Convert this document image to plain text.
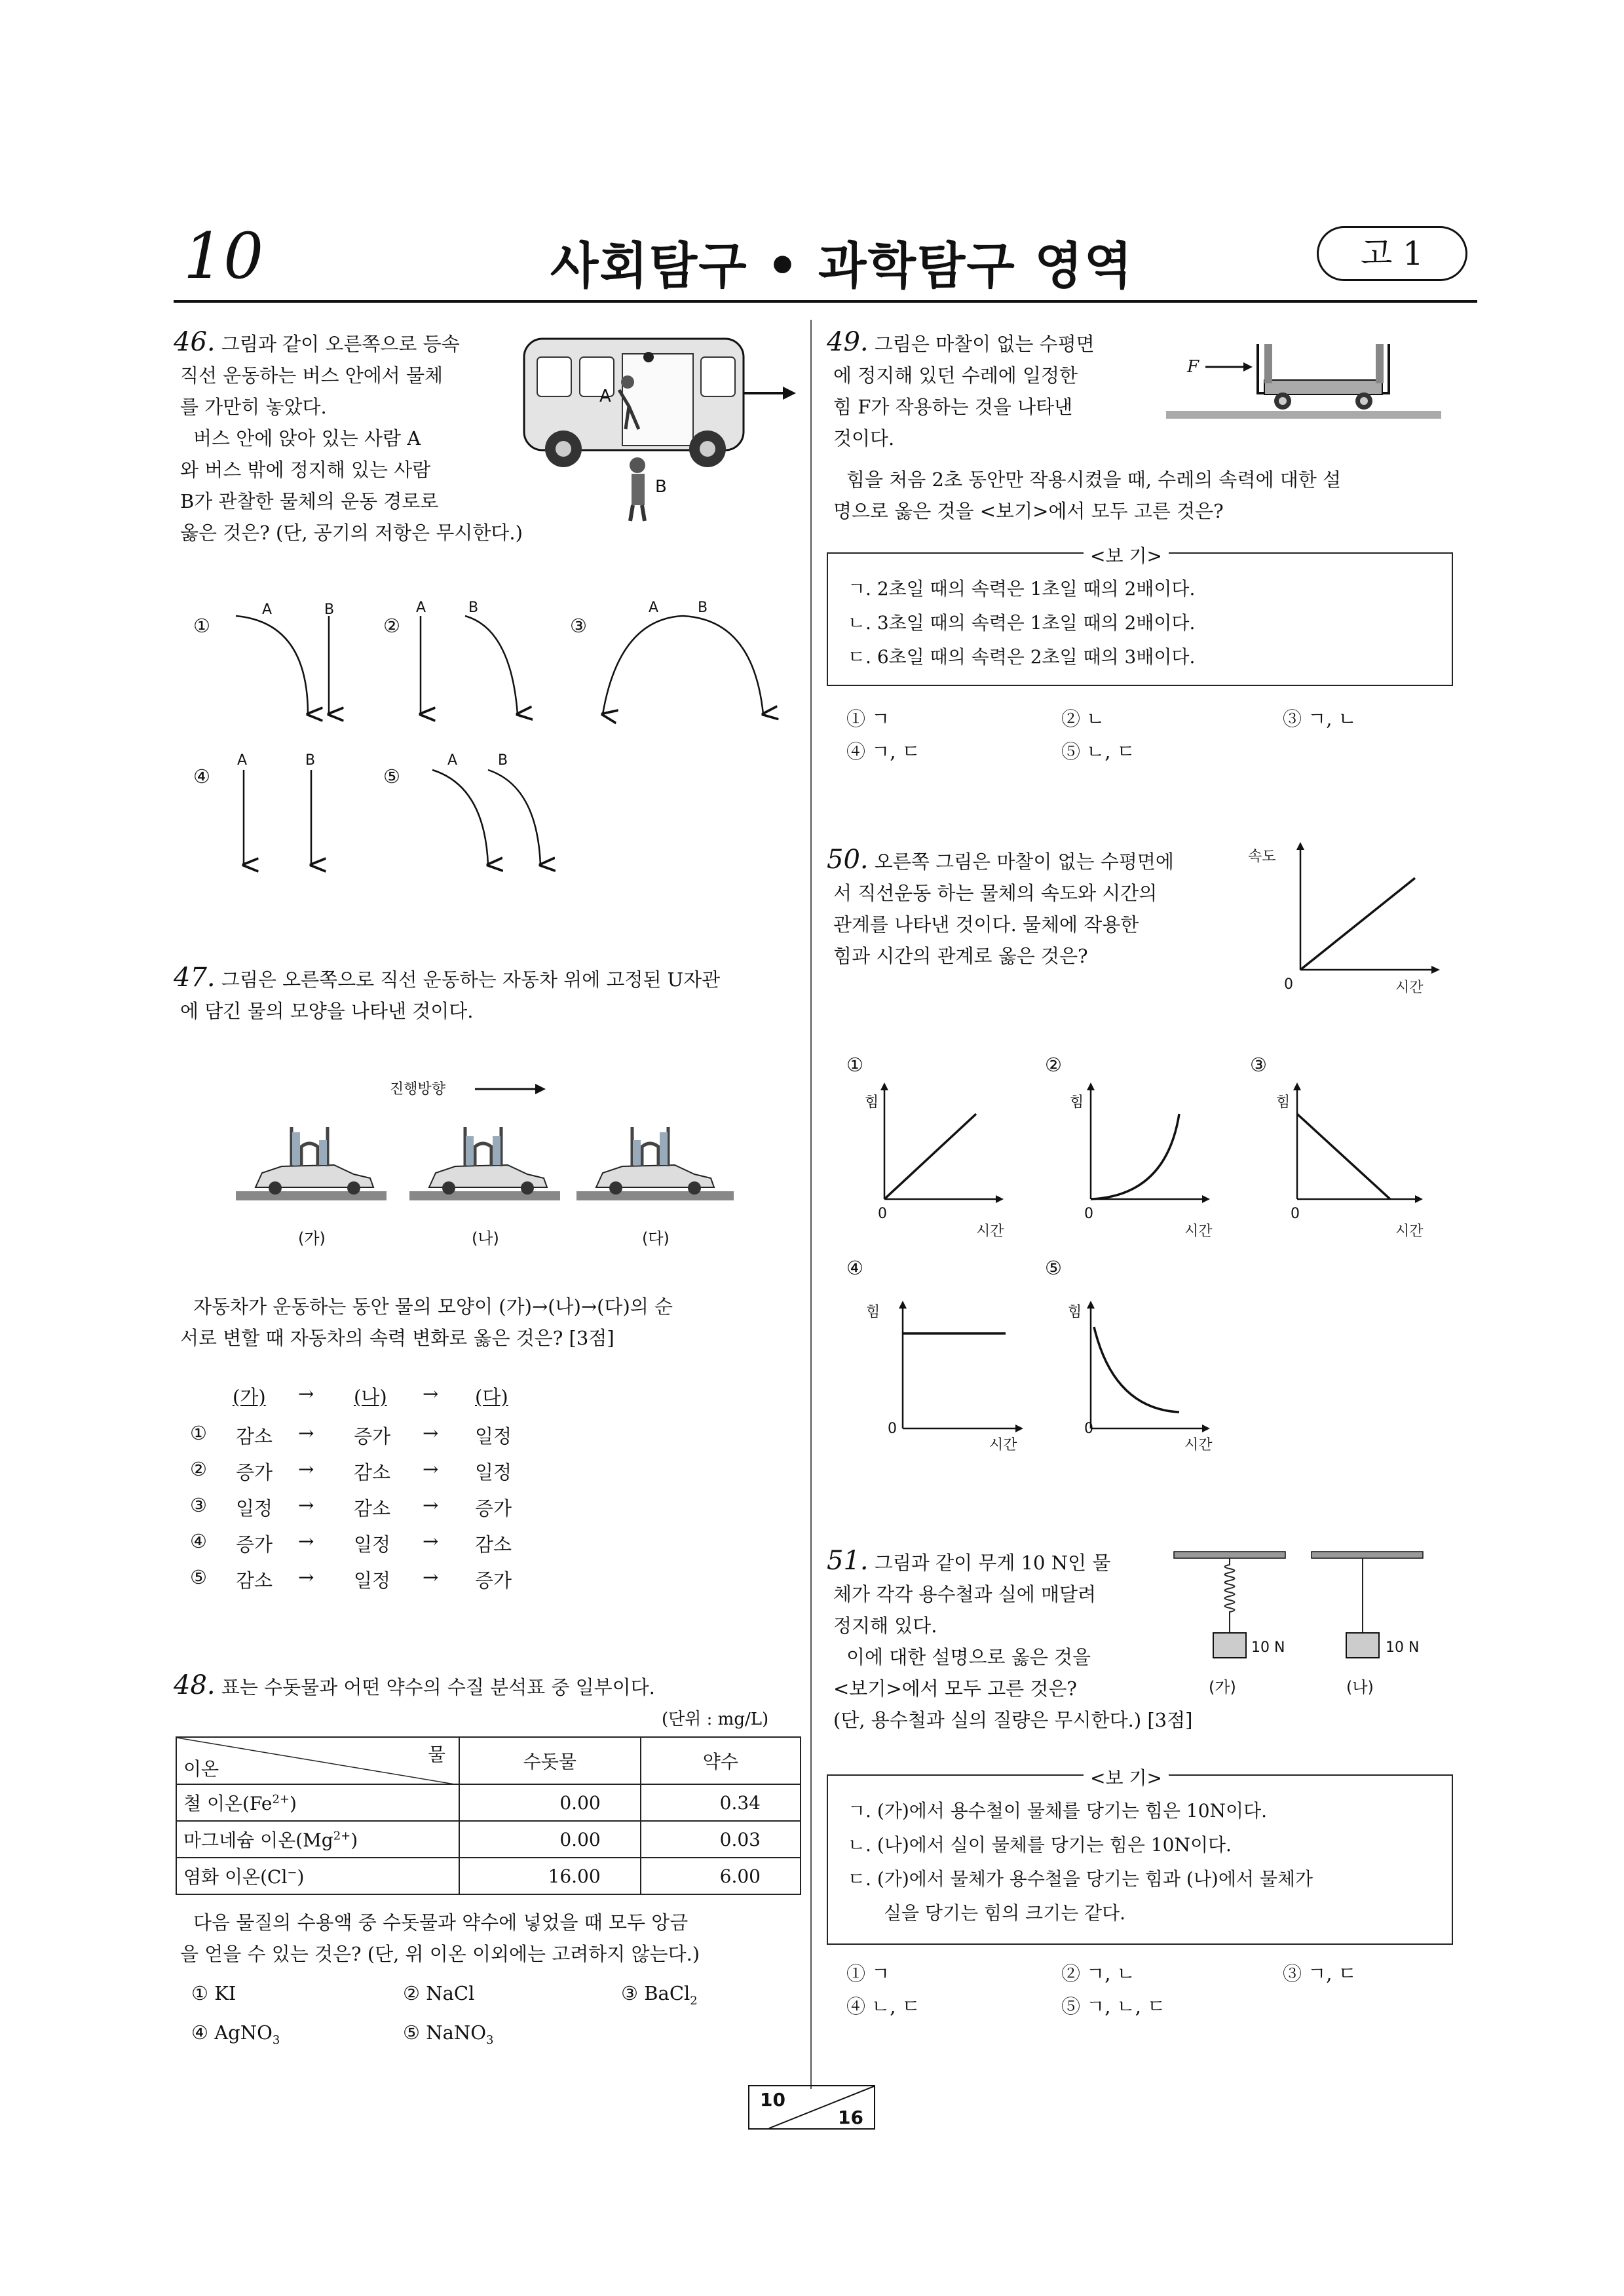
10	사회탐구 • 과학탐구 영역	고 1
46. 그림과 같이 오른쪽으로 등속
직선 운동하는 버스 안에서 물체
를 가만히 놓았다.
버스 안에 앉아 있는 사람 A
와 버스 밖에 정지해 있는 사람
B가 관찰한 물체의 운동 경로로
옳은 것은? (단, 공기의 저항은 무시한다.)
A
B
①
A	B
②
A	B
③
A	B
④
A	B
⑤
A	B
47. 그림은 오른쪽으로 직선 운동하는 자동차 위에 고정된 U자관
에 담긴 물의 모양을 나타낸 것이다.
진행방향
(가)	(나)	(다)
자동차가 운동하는 동안 물의 모양이 (가)→(나)→(다)의 순
서로 변할 때 자동차의 속력 변화로 옳은 것은? [3점]
(가) → (나) → (다)
① 감소 → 증가 → 일정
② 증가 → 감소 → 일정
③ 일정 → 감소 → 증가
④ 증가 → 일정 → 감소
⑤ 감소 → 일정 → 증가
48. 표는 수돗물과 어떤 약수의 수질 분석표 중 일부이다.
(단위 : mg/L)
물
이온	수돗물	약수
철 이온$(Fe^{2+})$	0.00	0.34
마그네슘 이온$(Mg^{2+})$	0.00	0.03
염화 이온(Cl−)	16.00	6.00
다음 물질의 수용액 중 수돗물과 약수에 넣었을 때 모두 앙금
을 얻을 수 있는 것은? (단, 위 이온 이외에는 고려하지 않는다.)
① KI	② NaCl	③ BaCl$_2$
④ AgNO$_3$	⑤ NaNO$_3$
49. 그림은 마찰이 없는 수평면
에 정지해 있던 수레에 일정한
힘 F가 작용하는 것을 나타낸
것이다.
F
힘을 처음 2초 동안만 작용시켰을 때, 수레의 속력에 대한 설
명으로 옳은 것을 <보기>에서 모두 고른 것은?
<보 기>
ㄱ. 2초일 때의 속력은 1초일 때의 2배이다.
ㄴ. 3초일 때의 속력은 1초일 때의 2배이다.
ㄷ. 6초일 때의 속력은 2초일 때의 3배이다.
① ㄱ	② ㄴ	③ ㄱ, ㄴ
④ ㄱ, ㄷ	⑤ ㄴ, ㄷ
50. 오른쪽 그림은 마찰이 없는 수평면에
서 직선운동 하는 물체의 속도와 시간의
관계를 나타낸 것이다. 물체에 작용한
힘과 시간의 관계로 옳은 것은?
속도
0	시간
①	②	③
④	⑤
힘
0
시간
힘
0
시간
힘
0
시간
힘
0
시간
힘
0
시간
51. 그림과 같이 무게 10 N인 물
체가 각각 용수철과 실에 매달려
정지해 있다.
이에 대한 설명으로 옳은 것을
<보기>에서 모두 고른 것은?
(단, 용수철과 실의 질량은 무시한다.) [3점]
10 N	10 N
(가)	(나)
<보 기>
ㄱ. (가)에서 용수철이 물체를 당기는 힘은 10N이다.
ㄴ. (나)에서 실이 물체를 당기는 힘은 10N이다.
ㄷ. (가)에서 물체가 용수철을 당기는 힘과 (나)에서 물체가
실을 당기는 힘의 크기는 같다.
① ㄱ	② ㄱ, ㄴ	③ ㄱ, ㄷ
④ ㄴ, ㄷ	⑤ ㄱ, ㄴ, ㄷ
10
16
